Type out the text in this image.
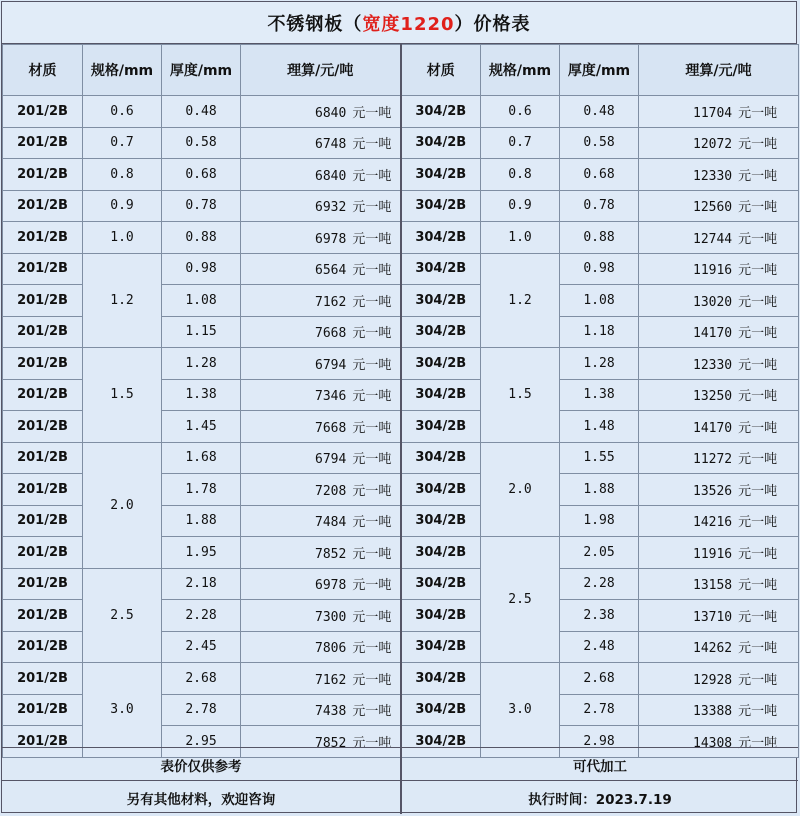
不锈钢板（ 宽度1220 ）价格表
材质	规格/mm	厚度/mm	理算/元/吨	材质	规格/mm	厚度/mm	理算/元/吨
201/2B	0.6	0.48	6840 元一吨	304/2B	0.6	0.48	11704 元一吨
201/2B	0.7	0.58	6748 元一吨	304/2B	0.7	0.58	12072 元一吨
201/2B	0.8	0.68	6840 元一吨	304/2B	0.8	0.68	12330 元一吨
201/2B	0.9	0.78	6932 元一吨	304/2B	0.9	0.78	12560 元一吨
201/2B	1.0	0.88	6978 元一吨	304/2B	1.0	0.88	12744 元一吨
201/2B	1.2	0.98	6564 元一吨	304/2B	1.2	0.98	11916 元一吨
201/2B		1.08	7162 元一吨	304/2B		1.08	13020 元一吨
201/2B		1.15	7668 元一吨	304/2B		1.18	14170 元一吨
201/2B	1.5	1.28	6794 元一吨	304/2B	1.5	1.28	12330 元一吨
201/2B		1.38	7346 元一吨	304/2B		1.38	13250 元一吨
201/2B		1.45	7668 元一吨	304/2B		1.48	14170 元一吨
201/2B	2.0	1.68	6794 元一吨	304/2B	2.0	1.55	11272 元一吨
201/2B		1.78	7208 元一吨	304/2B		1.88	13526 元一吨
201/2B		1.88	7484 元一吨	304/2B		1.98	14216 元一吨
201/2B		1.95	7852 元一吨	304/2B	2.5	2.05	11916 元一吨
201/2B	2.5	2.18	6978 元一吨	304/2B		2.28	13158 元一吨
201/2B		2.28	7300 元一吨	304/2B		2.38	13710 元一吨
201/2B		2.45	7806 元一吨	304/2B		2.48	14262 元一吨
201/2B	3.0	2.68	7162 元一吨	304/2B	3.0	2.68	12928 元一吨
201/2B		2.78	7438 元一吨	304/2B		2.78	13388 元一吨
201/2B		2.95	7852 元一吨	304/2B		2.98	14308 元一吨
表价仅供参考	可代加工
另有其他材料，欢迎咨询	执行时间：2023.7.19
